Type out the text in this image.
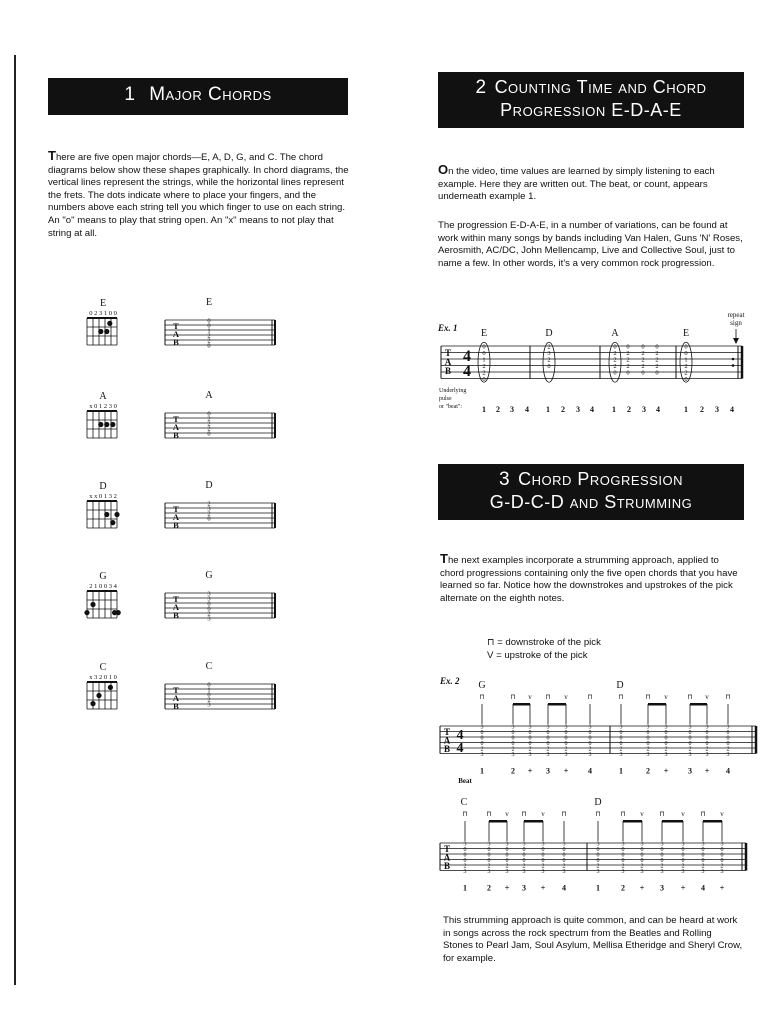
1 Major Chords
There are five open major chords—E, A, D, G, and C. The chord diagrams below show these shapes graphically. In chord diagrams, the vertical lines represent the strings, while the horizontal lines represent the frets. The dots indicate where to place your fingers, and the numbers above each string tell you which finger to use on each string. An "o" means to play that string open. An "x" means to not play that string at all.
E
0 2 3 1 0 0
E
T
A
B
0
0
1
2
2
0
A
x 0 1 2 3 0
A
T
A
B
0
2
2
2
0
D
x x 0 1 3 2
D
T
A
B
2
3
2
0
G
2 1 0 0 3 4
G
T
A
B
3
3
0
0
2
3
C
x 3 2 0 1 0
C
T
A
B
0
1
0
2
3
T
A
B
4
4
E
0
0
1
2
2
0
D
2
3
2
0
A
0
2
2
2
0
E
0
0
1
2
2
0
0
2
2
2
0
0
2
2
2
0
0
2
2
2
0
repeat
sign
Underlying
pulse
or "beat": 1 2 3 4 1 2 3 4 1 2 3 4	1 2 3 4
T
A
B
4
4
G	D
⊓
3
0
0
0
2
3
1
⊓
3
0
0
0
2
3
2
v
3
0
0
0
2
3
+
⊓
3
0
0
0
2
3
3
v
3
0
0
0
2
3
+
⊓
3
0
0
0
2
3
4
⊓
3
0
0
0
2
3
1
⊓
3
0
0
0
2
3
2
v
3
0
0
0
2
3
+
⊓
3
0
0
0
2
3
3
v
3
0
0
0
2
3
+
⊓
3
0
0
0
2
3
4
Beat
T
A
B
C	D
⊓
3
0
0
0
2
3
1
⊓
3
0
0
0
2
3
2
v
3
0
0
0
2
3
+
⊓
3
0
0
0
2
3
3
v
3
0
0
0
2
3
+
⊓
3
0
0
0
2
3
4
⊓
3
0
0
0
2
3
1
⊓
3
0
0
0
2
3
2
v
3
0
0
0
2
3
+
⊓
3
0
0
0
2
3
3
v
3
0
0
0
2
3
+
⊓
3
0
0
0
2
3
4
v
3
0
0
0
2
3
+
2 Counting Time and Chord
Progression E-D-A-E
On the video, time values are learned by simply listening to each example. Here they are written out. The beat, or count, appears underneath example 1.
The progression E-D-A-E, in a number of variations, can be found at work within many songs by bands including Van Halen, Guns 'N' Roses, Aerosmith, AC/DC, John Mellencamp, Live and Collective Soul, just to name a few. In other words, it's a very common rock progression.
Ex. 1
3 Chord Progression
G-D-C-D and Strumming
The next examples incorporate a strumming approach, applied to chord progressions containing only the five open chords that you have learned so far. Notice how the downstrokes and upstrokes of the pick alternate on the eighth notes.
⊓ = downstroke of the pick
V = upstroke of the pick
Ex. 2
This strumming approach is quite common, and can be heard at work in songs across the rock spectrum from the Beatles and Rolling Stones to Pearl Jam, Soul Asylum, Mellisa Etheridge and Sheryl Crow, for example.
